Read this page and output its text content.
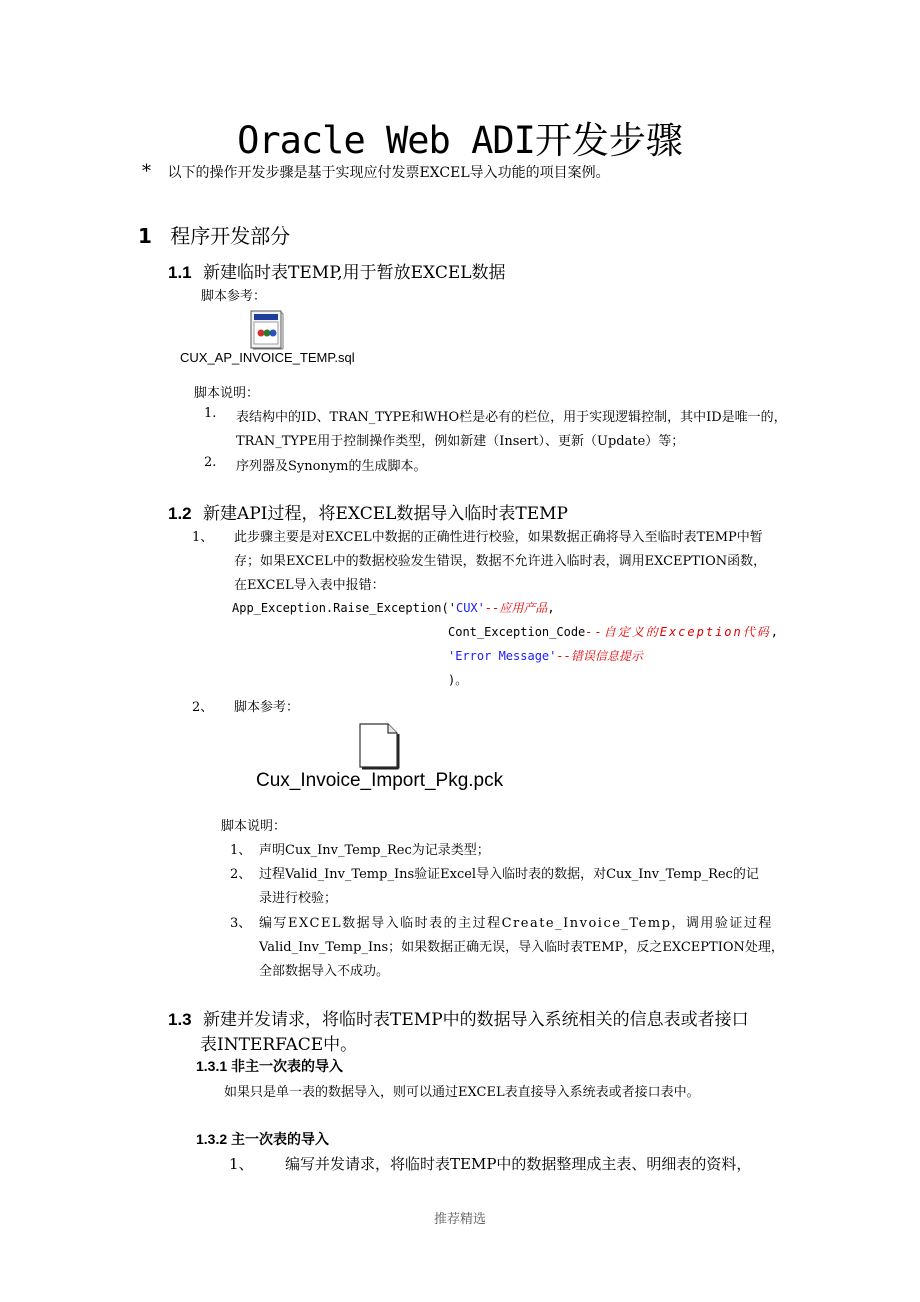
Oracle Web ADI开发步骤
* 以下的操作开发步骤是基于实现应付发票EXCEL导入功能的项目案例。
1 程序开发部分
1.1 新建临时表TEMP,用于暂放EXCEL数据
脚本参考：
CUX_AP_INVOICE_TEMP.sql
脚本说明：
1. 表结构中的ID、TRAN_TYPE和WHO栏是必有的栏位，用于实现逻辑控制，其中ID是唯一的，
TRAN_TYPE用于控制操作类型，例如新建（Insert）、更新（Update）等；
2. 序列器及Synonym的生成脚本。
1.2 新建API过程，将EXCEL数据导入临时表TEMP
1、 此步骤主要是对EXCEL中数据的正确性进行校验，如果数据正确将导入至临时表TEMP中暂
存；如果EXCEL中的数据校验发生错误，数据不允许进入临时表，调用EXCEPTION函数，
在EXCEL导入表中报错：
App_Exception.Raise_Exception('CUX'--应用产品,
Cont_Exception_Code--自定义的Exception代码,
'Error Message'--错误信息提示
)。
2、 脚本参考：
Cux_Invoice_Import_Pkg.pck
脚本说明：
1、 声明Cux_Inv_Temp_Rec为记录类型；
2、 过程Valid_Inv_Temp_Ins验证Excel导入临时表的数据，对Cux_Inv_Temp_Rec的记
录进行校验；
3、 编写EXCEL数据导入临时表的主过程Create_Invoice_Temp，调用验证过程
Valid_Inv_Temp_Ins；如果数据正确无误，导入临时表TEMP，反之EXCEPTION处理，
全部数据导入不成功。
1.3 新建并发请求，将临时表TEMP中的数据导入系统相关的信息表或者接口
表INTERFACE中。
1.3.1 非主一次表的导入
如果只是单一表的数据导入，则可以通过EXCEL表直接导入系统表或者接口表中。
1.3.2 主一次表的导入
1、 编写并发请求，将临时表TEMP中的数据整理成主表、明细表的资料，
推荐精选
